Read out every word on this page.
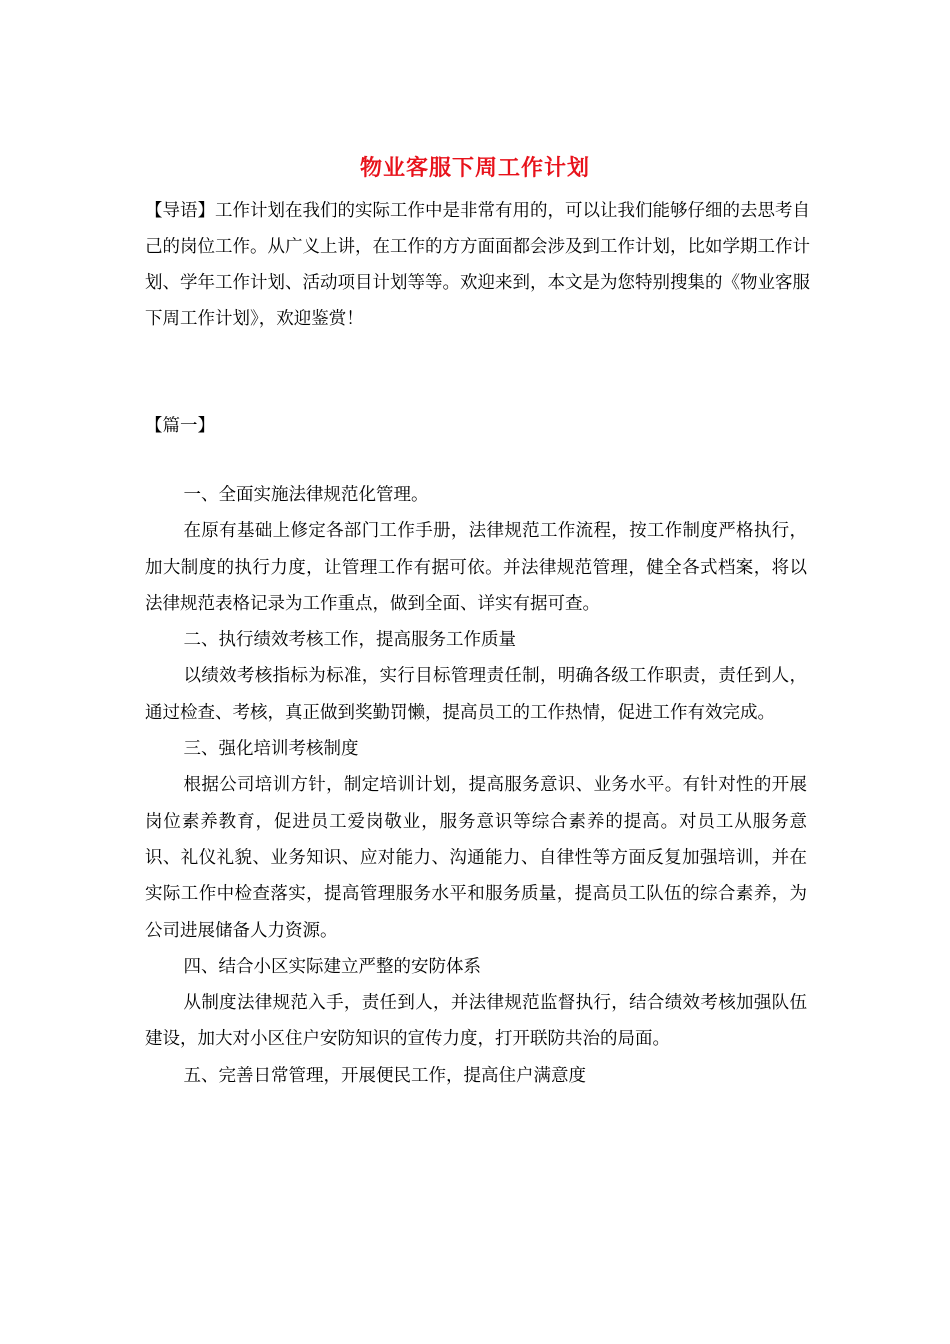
物业客服下周工作计划
【导语】工作计划在我们的实际工作中是非常有用的，可以让我们能够仔细的去思考自己的岗位工作。从广义上讲，在工作的方方面面都会涉及到工作计划，比如学期工作计划、学年工作计划、活动项目计划等等。欢迎来到，本文是为您特别搜集的《物业客服下周工作计划》，欢迎鉴赏！
【篇一】

一、全面实施法律规范化管理。

在原有基础上修定各部门工作手册，法律规范工作流程，按工作制度严格执行，加大制度的执行力度，让管理工作有据可依。并法律规范管理，健全各式档案，将以法律规范表格记录为工作重点，做到全面、详实有据可查。

二、执行绩效考核工作，提高服务工作质量

以绩效考核指标为标准，实行目标管理责任制，明确各级工作职责，责任到人，通过检查、考核，真正做到奖勤罚懒，提高员工的工作热情，促进工作有效完成。

三、强化培训考核制度

根据公司培训方针，制定培训计划，提高服务意识、业务水平。有针对性的开展岗位素养教育，促进员工爱岗敬业，服务意识等综合素养的提高。对员工从服务意识、礼仪礼貌、业务知识、应对能力、沟通能力、自律性等方面反复加强培训，并在实际工作中检查落实，提高管理服务水平和服务质量，提高员工队伍的综合素养，为公司进展储备人力资源。

四、结合小区实际建立严整的安防体系

从制度法律规范入手，责任到人，并法律规范监督执行，结合绩效考核加强队伍建设，加大对小区住户安防知识的宣传力度，打开联防共治的局面。

五、完善日常管理，开展便民工作，提高住户满意度
